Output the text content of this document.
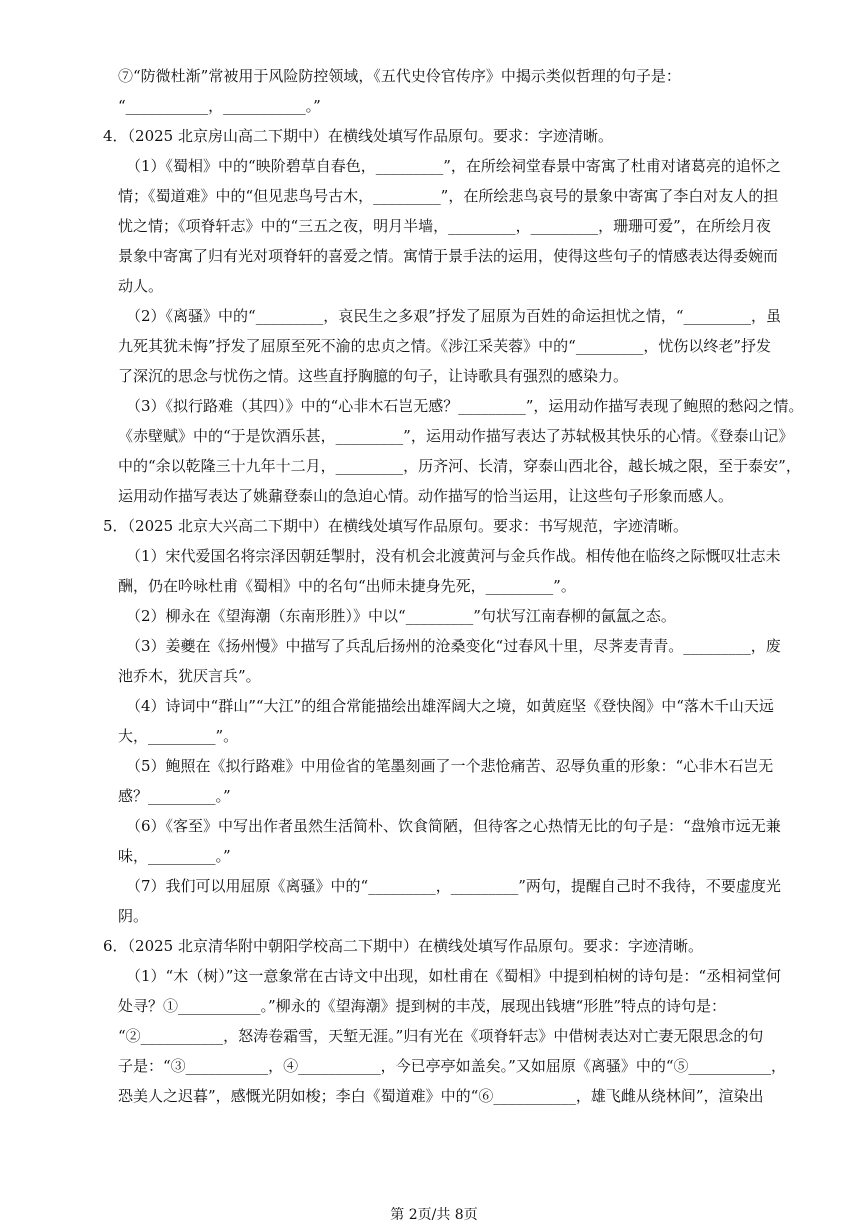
⑦“防微杜渐”常被用于风险防控领域，《五代史伶官传序》中揭示类似哲理的句子是：
“___________，___________。”
4．（2025 北京房山高二下期中）在横线处填写作品原句。要求：字迹清晰。
（1）《蜀相》中的“映阶碧草自春色，_________”，在所绘祠堂春景中寄寓了杜甫对诸葛亮的追怀之
情；《蜀道难》中的“但见悲鸟号古木，_________”，在所绘悲鸟哀号的景象中寄寓了李白对友人的担
忧之情；《项脊轩志》中的“三五之夜，明月半墙，_________，_________，珊珊可爱”，在所绘月夜
景象中寄寓了归有光对项脊轩的喜爱之情。寓情于景手法的运用，使得这些句子的情感表达得委婉而
动人。
（2）《离骚》中的“_________，哀民生之多艰”抒发了屈原为百姓的命运担忧之情，“_________，虽
九死其犹未悔”抒发了屈原至死不渝的忠贞之情。《涉江采芙蓉》中的“_________，忧伤以终老”抒发
了深沉的思念与忧伤之情。这些直抒胸臆的句子，让诗歌具有强烈的感染力。
（3）《拟行路难（其四）》中的“心非木石岂无感？_________”，运用动作描写表现了鲍照的愁闷之情。
《赤壁赋》中的“于是饮酒乐甚，_________”，运用动作描写表达了苏轼极其快乐的心情。《登泰山记》
中的“余以乾隆三十九年十二月，_________，历齐河、长清，穿泰山西北谷，越长城之限，至于泰安”，
运用动作描写表达了姚鼐登泰山的急迫心情。动作描写的恰当运用，让这些句子形象而感人。
5．（2025 北京大兴高二下期中）在横线处填写作品原句。要求：书写规范，字迹清晰。
（1）宋代爱国名将宗泽因朝廷掣肘，没有机会北渡黄河与金兵作战。相传他在临终之际慨叹壮志未
酬，仍在吟咏杜甫《蜀相》中的名句“出师未捷身先死，_________”。
（2）柳永在《望海潮（东南形胜）》中以“_________”句状写江南春柳的氤氲之态。
（3）姜夔在《扬州慢》中描写了兵乱后扬州的沧桑变化“过春风十里，尽荠麦青青。_________，废
池乔木，犹厌言兵”。
（4）诗词中“群山”“大江”的组合常能描绘出雄浑阔大之境，如黄庭坚《登快阁》中“落木千山天远
大，_________”。
（5）鲍照在《拟行路难》中用俭省的笔墨刻画了一个悲怆痛苦、忍辱负重的形象：“心非木石岂无
感？_________。”
（6）《客至》中写出作者虽然生活简朴、饮食简陋，但待客之心热情无比的句子是：“盘飧市远无兼
味，_________。”
（7）我们可以用屈原《离骚》中的“_________，_________”两句，提醒自己时不我待，不要虚度光
阴。
6．（2025 北京清华附中朝阳学校高二下期中）在横线处填写作品原句。要求：字迹清晰。
（1）“木（树）”这一意象常在古诗文中出现，如杜甫在《蜀相》中提到柏树的诗句是：“丞相祠堂何
处寻？①___________。”柳永的《望海潮》提到树的丰茂，展现出钱塘“形胜”特点的诗句是：
“②___________，怒涛卷霜雪，天堑无涯。”归有光在《项脊轩志》中借树表达对亡妻无限思念的句
子是：“③___________，④___________，今已亭亭如盖矣。”又如屈原《离骚》中的“⑤___________，
恐美人之迟暮”，感慨光阴如梭；李白《蜀道难》中的“⑥___________，雄飞雌从绕林间”，渲染出
第 2页/共 8页
